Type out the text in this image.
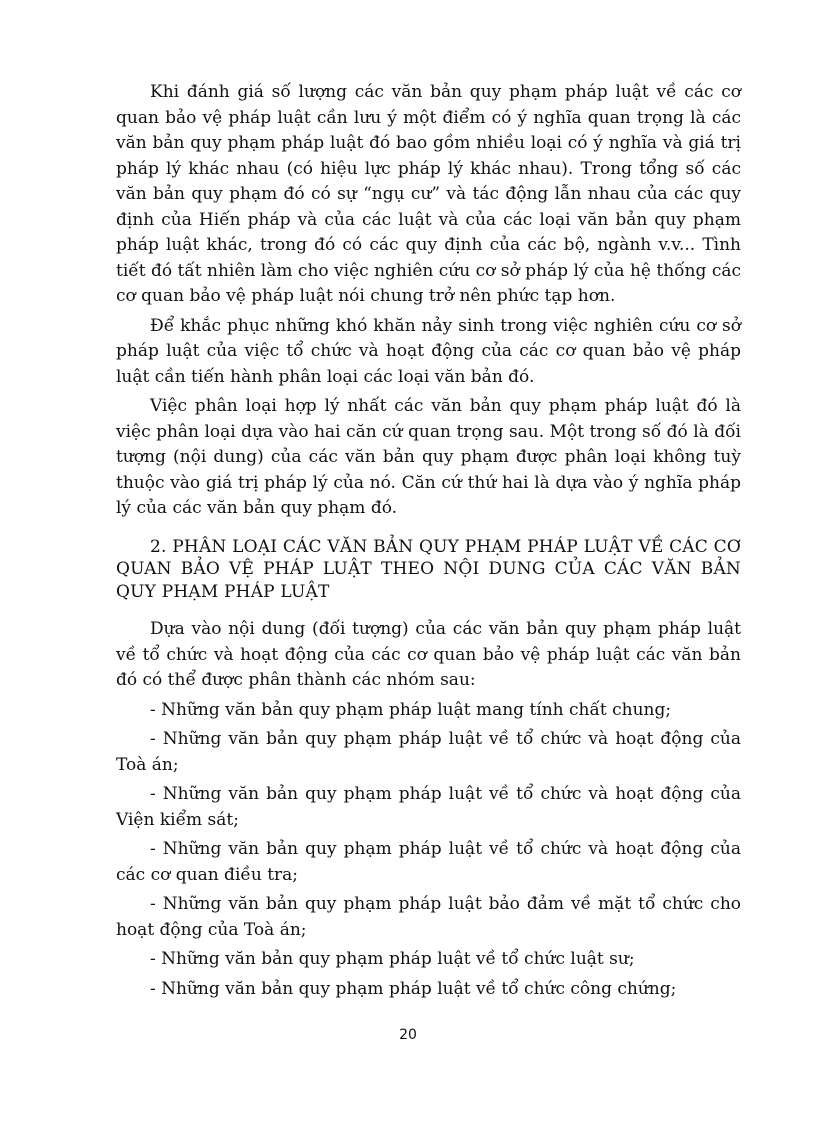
Khi đánh giá số lượng các văn bản quy phạm pháp luật về các cơ quan bảo vệ pháp luật cần lưu ý một điểm có ý nghĩa quan trọng là các văn bản quy phạm pháp luật đó bao gồm nhiều loại có ý nghĩa và giá trị pháp lý khác nhau (có hiệu lực pháp lý khác nhau). Trong tổng số các văn bản quy phạm đó có sự “ngụ cư” và tác động lẫn nhau của các quy định của Hiến pháp và của các luật và của các loại văn bản quy phạm pháp luật khác, trong đó có các quy định của các bộ, ngành v.v... Tình tiết đó tất nhiên làm cho việc nghiên cứu cơ sở pháp lý của hệ thống các cơ quan bảo vệ pháp luật nói chung trở nên phức tạp hơn.

Để khắc phục những khó khăn nảy sinh trong việc nghiên cứu cơ sở pháp luật của việc tổ chức và hoạt động của các cơ quan bảo vệ pháp luật cần tiến hành phân loại các loại văn bản đó.

Việc phân loại hợp lý nhất các văn bản quy phạm pháp luật đó là việc phân loại dựa vào hai căn cứ quan trọng sau. Một trong số đó là đối tượng (nội dung) của các văn bản quy phạm được phân loại không tuỳ thuộc vào giá trị pháp lý của nó. Căn cứ thứ hai là dựa vào ý nghĩa pháp lý của các văn bản quy phạm đó.

2. PHÂN LOẠI CÁC VĂN BẢN QUY PHẠM PHÁP LUẬT VỀ CÁC CƠ QUAN BẢO VỆ PHÁP LUẬT THEO NỘI DUNG CỦA CÁC VĂN BẢN QUY PHẠM PHÁP LUẬT

Dựa vào nội dung (đối tượng) của các văn bản quy phạm pháp luật về tổ chức và hoạt động của các cơ quan bảo vệ pháp luật các văn bản đó có thể được phân thành các nhóm sau:

- Những văn bản quy phạm pháp luật mang tính chất chung;
- Những văn bản quy phạm pháp luật về tổ chức và hoạt động của Toà án;
- Những văn bản quy phạm pháp luật về tổ chức và hoạt động của Viện kiểm sát;
- Những văn bản quy phạm pháp luật về tổ chức và hoạt động của các cơ quan điều tra;
- Những văn bản quy phạm pháp luật bảo đảm về mặt tổ chức cho hoạt động của Toà án;
- Những văn bản quy phạm pháp luật về tổ chức luật sư;
- Những văn bản quy phạm pháp luật về tổ chức công chứng;
20
